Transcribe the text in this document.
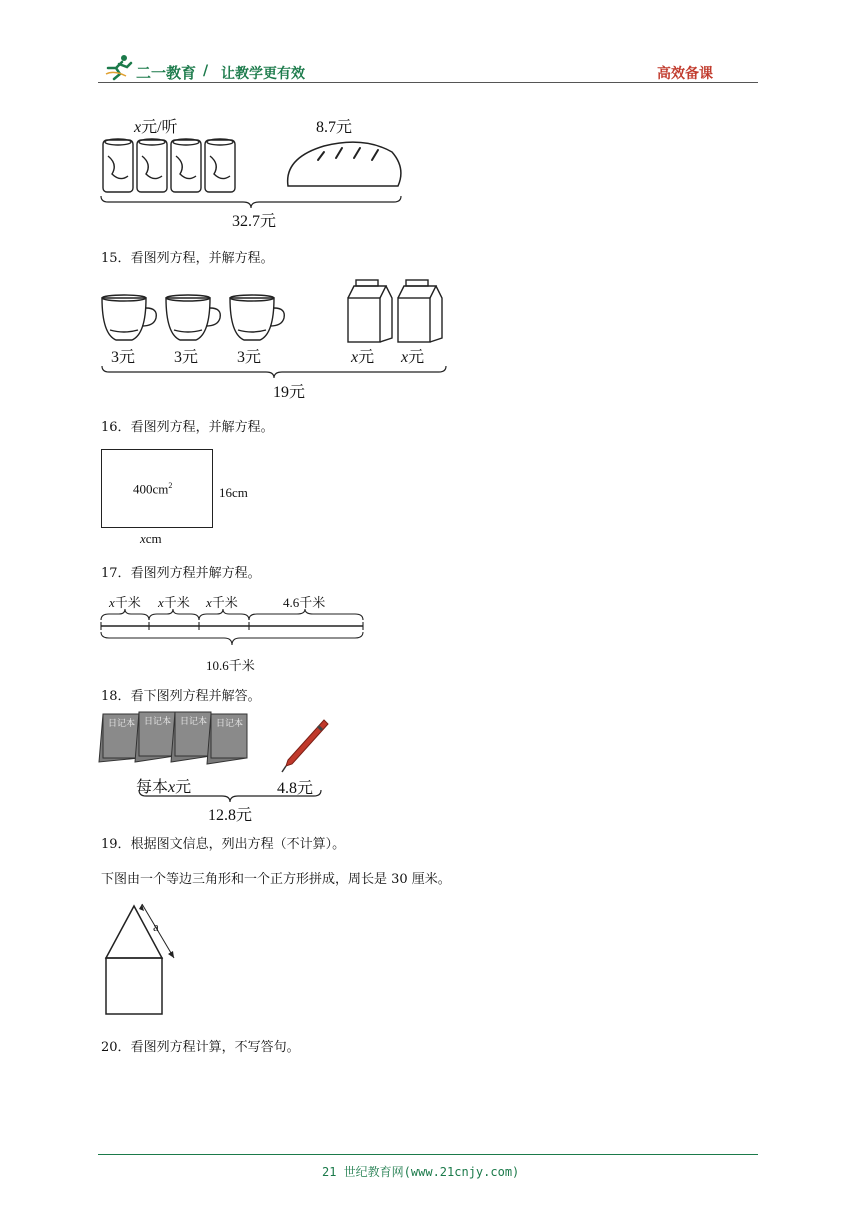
二一教育 / 让教学更有效	高效备课
x元/听	8.7元
32.7元
15．看图列方程，并解方程。
3元 3元 3元	x元 x元
19元
16．看图列方程，并解方程。
$400cm^2$	16cm
xcm
17．看图列方程并解方程。
x千米 x千米 x千米	4.6千米
10.6千米
18．看下图列方程并解答。
日记本 日记本 日记本 日记本
每本x元	4.8元
12.8元
19．根据图文信息，列出方程（不计算）。
下图由一个等边三角形和一个正方形拼成，周长是 30 厘米。
a
20．看图列方程计算，不写答句。
21 世纪教育网(www.21cnjy.com)
